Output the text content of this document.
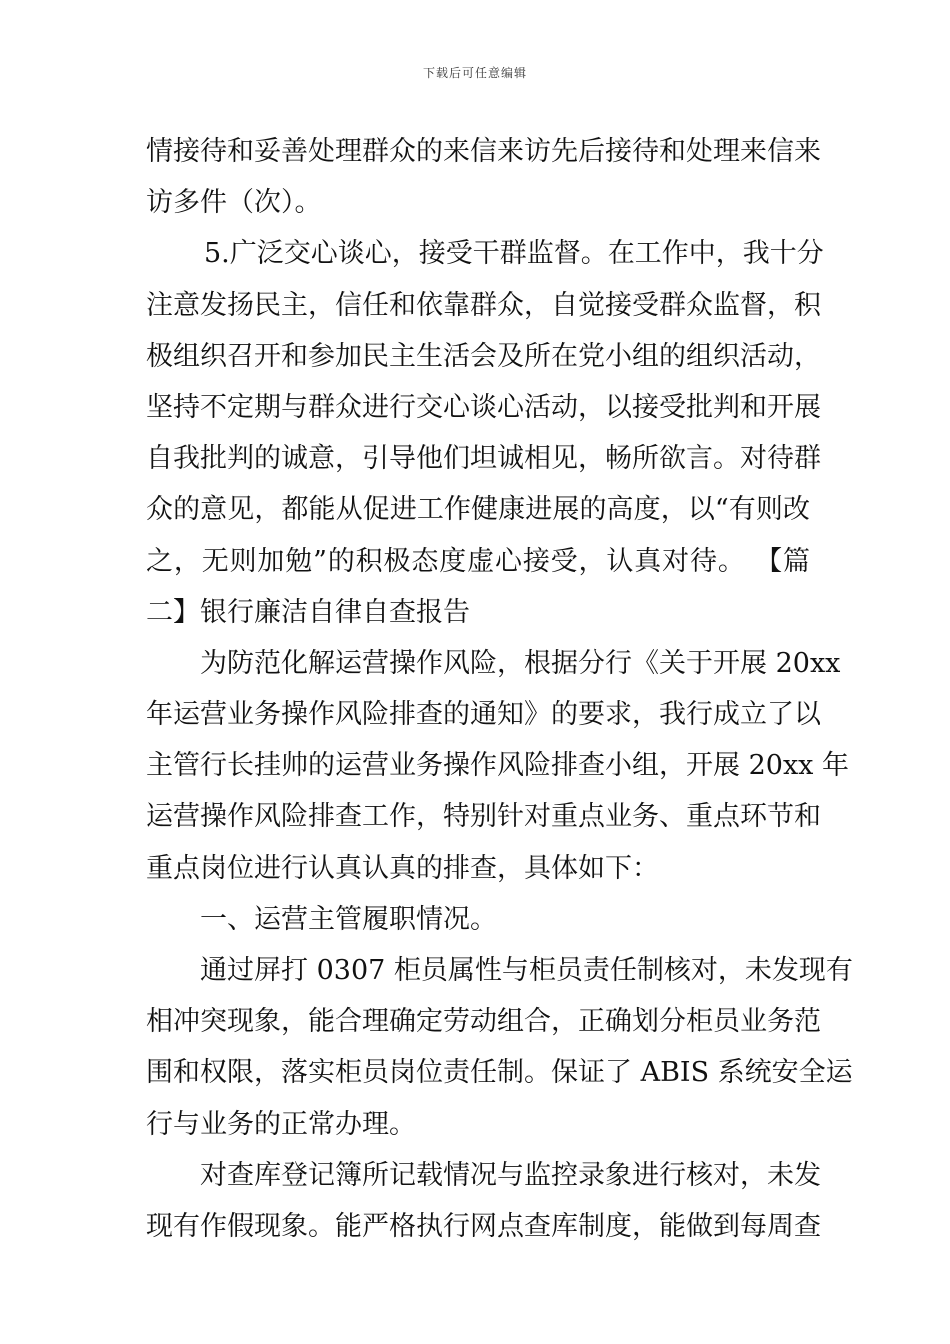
下载后可任意编辑
情接待和妥善处理群众的来信来访先后接待和处理来信来
访多件（次）。
5.广泛交心谈心，接受干群监督。在工作中，我十分
注意发扬民主，信任和依靠群众，自觉接受群众监督，积
极组织召开和参加民主生活会及所在党小组的组织活动，
坚持不定期与群众进行交心谈心活动，以接受批判和开展
自我批判的诚意，引导他们坦诚相见，畅所欲言。对待群
众的意见，都能从促进工作健康进展的高度，以“有则改
之，无则加勉”的积极态度虚心接受，认真对待。 【篇
二】银行廉洁自律自查报告
为防范化解运营操作风险，根据分行《关于开展 20xx
年运营业务操作风险排查的通知》的要求，我行成立了以
主管行长挂帅的运营业务操作风险排查小组，开展 20xx 年
运营操作风险排查工作，特别针对重点业务、重点环节和
重点岗位进行认真认真的排查，具体如下：
一、运营主管履职情况。
通过屏打 0307 柜员属性与柜员责任制核对，未发现有
相冲突现象，能合理确定劳动组合，正确划分柜员业务范
围和权限，落实柜员岗位责任制。保证了 ABIS 系统安全运
行与业务的正常办理。
对查库登记簿所记载情况与监控录象进行核对，未发
现有作假现象。能严格执行网点查库制度，能做到每周查
